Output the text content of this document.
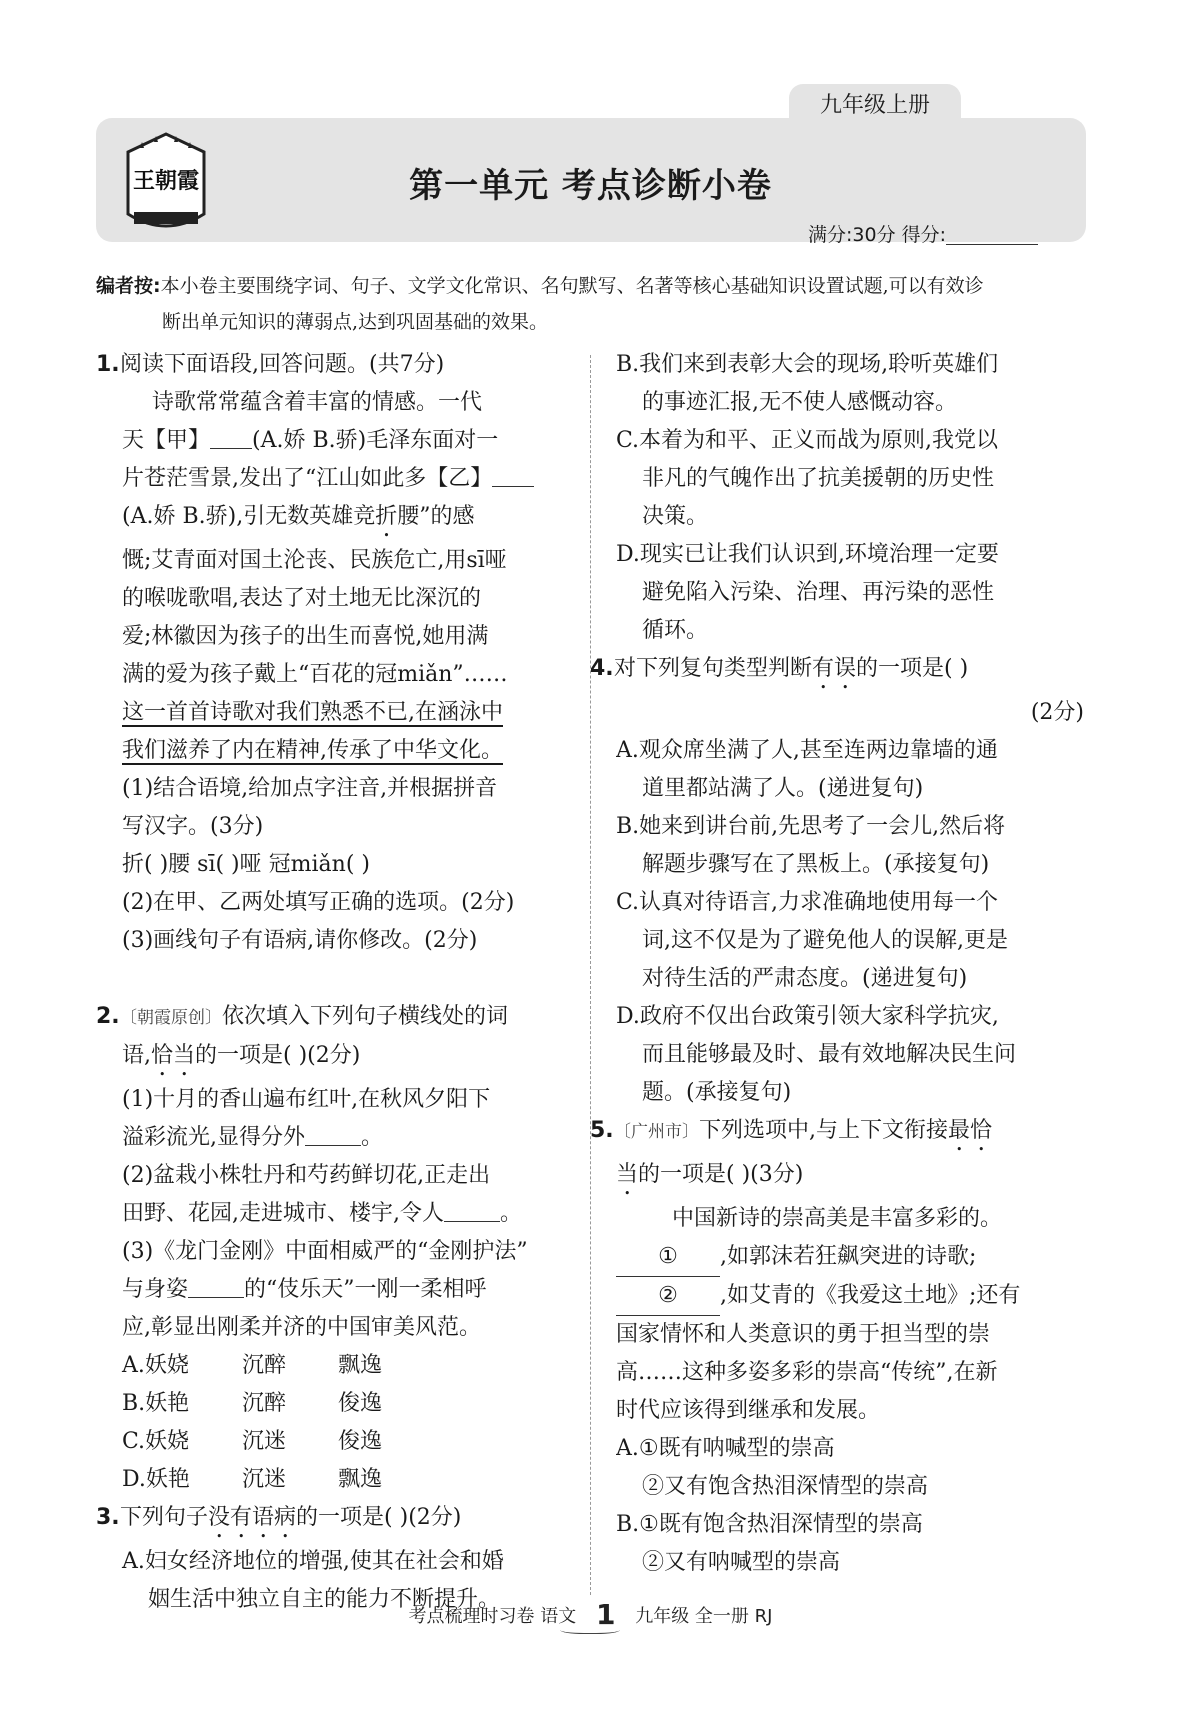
九年级上册
王朝霞	第一单元 考点诊断小卷
满分:30分 得分:
编者按:本小卷主要围绕字词、句子、文学文化常识、名句默写、名著等核心基础知识设置试题,可以有效诊
断出单元知识的薄弱点,达到巩固基础的效果。
1. 阅读下面语段,回答问题。(共7分)
诗歌常常蕴含着丰富的情感。一代
天【甲】 (A.娇 B.骄)毛泽东面对一
片苍茫雪景,发出了“江山如此多【乙】
(A.娇 B.骄),引无数英雄竞折腰”的感
慨;艾青面对国土沦丧、民族危亡,用sī哑
的喉咙歌唱,表达了对土地无比深沉的
爱;林徽因为孩子的出生而喜悦,她用满
满的爱为孩子戴上“百花的冠miǎn”……
这一首首诗歌对我们熟悉不已,在涵泳中
我们滋养了内在精神,传承了中华文化。
(1)结合语境,给加点字注音,并根据拼音
写汉字。(3分)
折( )腰 sī( )哑 冠miǎn( )
(2)在甲、乙两处填写正确的选项。(2分)
(3)画线句子有语病,请你修改。(2分)

2. 〔朝霞原创〕依次填入下列句子横线处的词
语,恰当的一项是( )(2分)
(1)十月的香山遍布红叶,在秋风夕阳下
溢彩流光,显得分外	。
(2)盆栽小株牡丹和芍药鲜切花,正走出
田野、花园,走进城市、楼宇,令人	。
(3)《龙门金刚》中面相威严的“金刚护法”
与身姿	的“伎乐天”一刚一柔相呼
应,彰显出刚柔并济的中国审美风范。
A.妖娆 沉醉 飘逸
B.妖艳 沉醉 俊逸
C.妖娆 沉迷 俊逸
D.妖艳 沉迷 飘逸
3. 下列句子没有语病的一项是( )(2分)
A.妇女经济地位的增强,使其在社会和婚
姻生活中独立自主的能力不断提升。
B.我们来到表彰大会的现场,聆听英雄们
的事迹汇报,无不使人感慨动容。
C.本着为和平、正义而战为原则,我党以
非凡的气魄作出了抗美援朝的历史性
决策。
D.现实已让我们认识到,环境治理一定要
避免陷入污染、治理、再污染的恶性
循环。
4. 对下列复句类型判断有误的一项是( )
(2分)
A.观众席坐满了人,甚至连两边靠墙的通
道里都站满了人。(递进复句)
B.她来到讲台前,先思考了一会儿,然后将
解题步骤写在了黑板上。(承接复句)
C.认真对待语言,力求准确地使用每一个
词,这不仅是为了避免他人的误解,更是
对待生活的严肃态度。(递进复句)
D.政府不仅出台政策引领大家科学抗灾,
而且能够最及时、最有效地解决民生问
题。(承接复句)
5. 〔广州市〕下列选项中,与上下文衔接最恰
当的一项是( )(3分)
中国新诗的崇高美是丰富多彩的。
① ,如郭沫若狂飙突进的诗歌;
② ,如艾青的《我爱这土地》;还有
国家情怀和人类意识的勇于担当型的崇
高……这种多姿多彩的崇高“传统”,在新
时代应该得到继承和发展。
A.①既有呐喊型的崇高
②又有饱含热泪深情型的崇高
B.①既有饱含热泪深情型的崇高
②又有呐喊型的崇高
考点梳理时习卷 语文 1 九年级 全一册 RJ
